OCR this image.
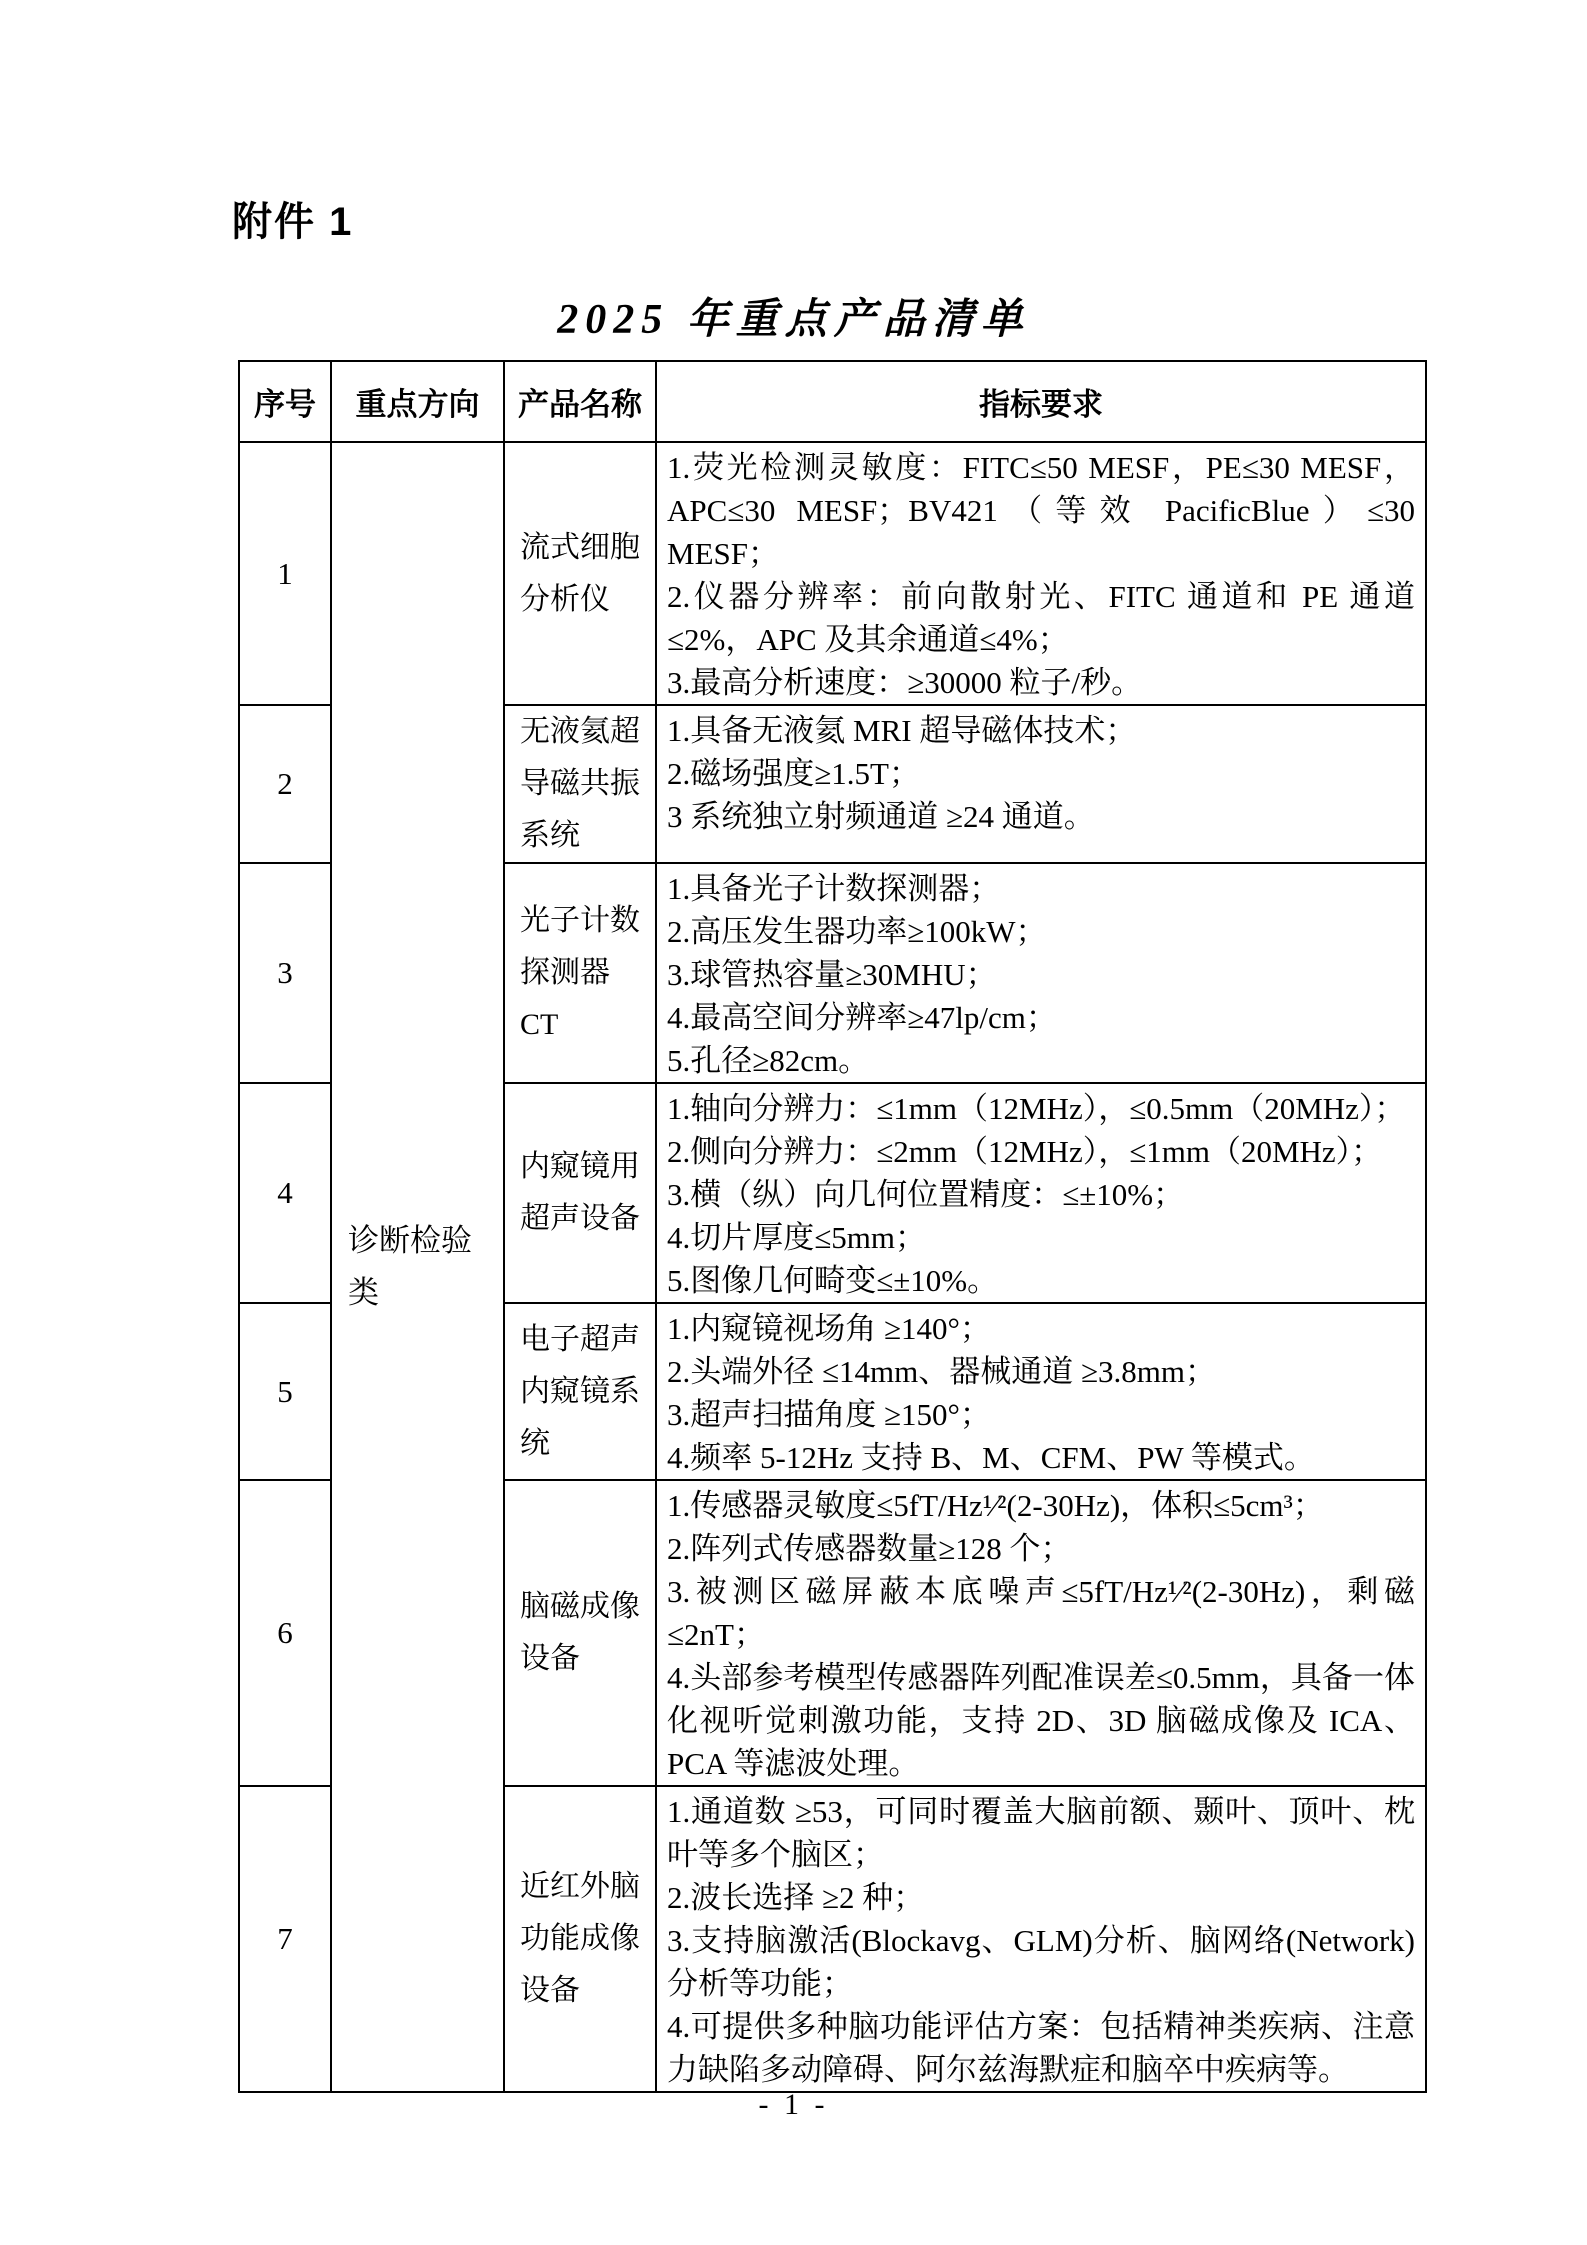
附件 1
2025 年重点产品清单
序号	重点方向	产品名称	指标要求
1	诊断检验类	流式细胞分析仪	1.荧光检测灵敏度：FITC≤50 MESF，PE≤30 MESF，APC≤30 MESF；BV421（等效 PacificBlue）≤30 MESF；

2.仪器分辨率：前向散射光、FITC 通道和 PE 通道 ≤2%，APC 及其余通道≤4%；

3.最高分析速度：≥30000 粒子/秒。

2		无液氦超导磁共振系统	1.具备无液氦 MRI 超导磁体技术；

2.磁场强度≥1.5T；

3 系统独立射频通道 ≥24 通道。

3		光子计数探测器 CT	1.具备光子计数探测器；

2.高压发生器功率≥100kW；

3.球管热容量≥30MHU；

4.最高空间分辨率≥47lp/cm；

5.孔径≥82cm。

4		内窥镜用超声设备	1.轴向分辨力：≤1mm（12MHz），≤0.5mm（20MHz）；

2.侧向分辨力：≤2mm（12MHz），≤1mm（20MHz）；

3.横（纵）向几何位置精度：≤±10%；

4.切片厚度≤5mm；

5.图像几何畸变≤±10%。

5		电子超声内窥镜系统	1.内窥镜视场角 ≥140°；

2.头端外径 ≤14mm、器械通道 ≥3.8mm；

3.超声扫描角度 ≥150°；

4.频率 5-12Hz 支持 B、M、CFM、PW 等模式。

6		脑磁成像设备	1.传感器灵敏度≤5fT/Hz¹⁄²(2-30Hz)，体积≤5cm³；

2.阵列式传感器数量≥128 个；

3.被测区磁屏蔽本底噪声≤5fT/Hz¹⁄²(2-30Hz)，剩磁≤2nT；

4.头部参考模型传感器阵列配准误差≤0.5mm，具备一体化视听觉刺激功能，支持 2D、3D 脑磁成像及 ICA、PCA 等滤波处理。

7		近红外脑功能成像设备	1.通道数 ≥53，可同时覆盖大脑前额、颞叶、顶叶、枕叶等多个脑区；

2.波长选择 ≥2 种；

3.支持脑激活(Blockavg、GLM)分析、脑网络(Network)分析等功能；

4.可提供多种脑功能评估方案：包括精神类疾病、注意力缺陷多动障碍、阿尔兹海默症和脑卒中疾病等。

- 1 -
